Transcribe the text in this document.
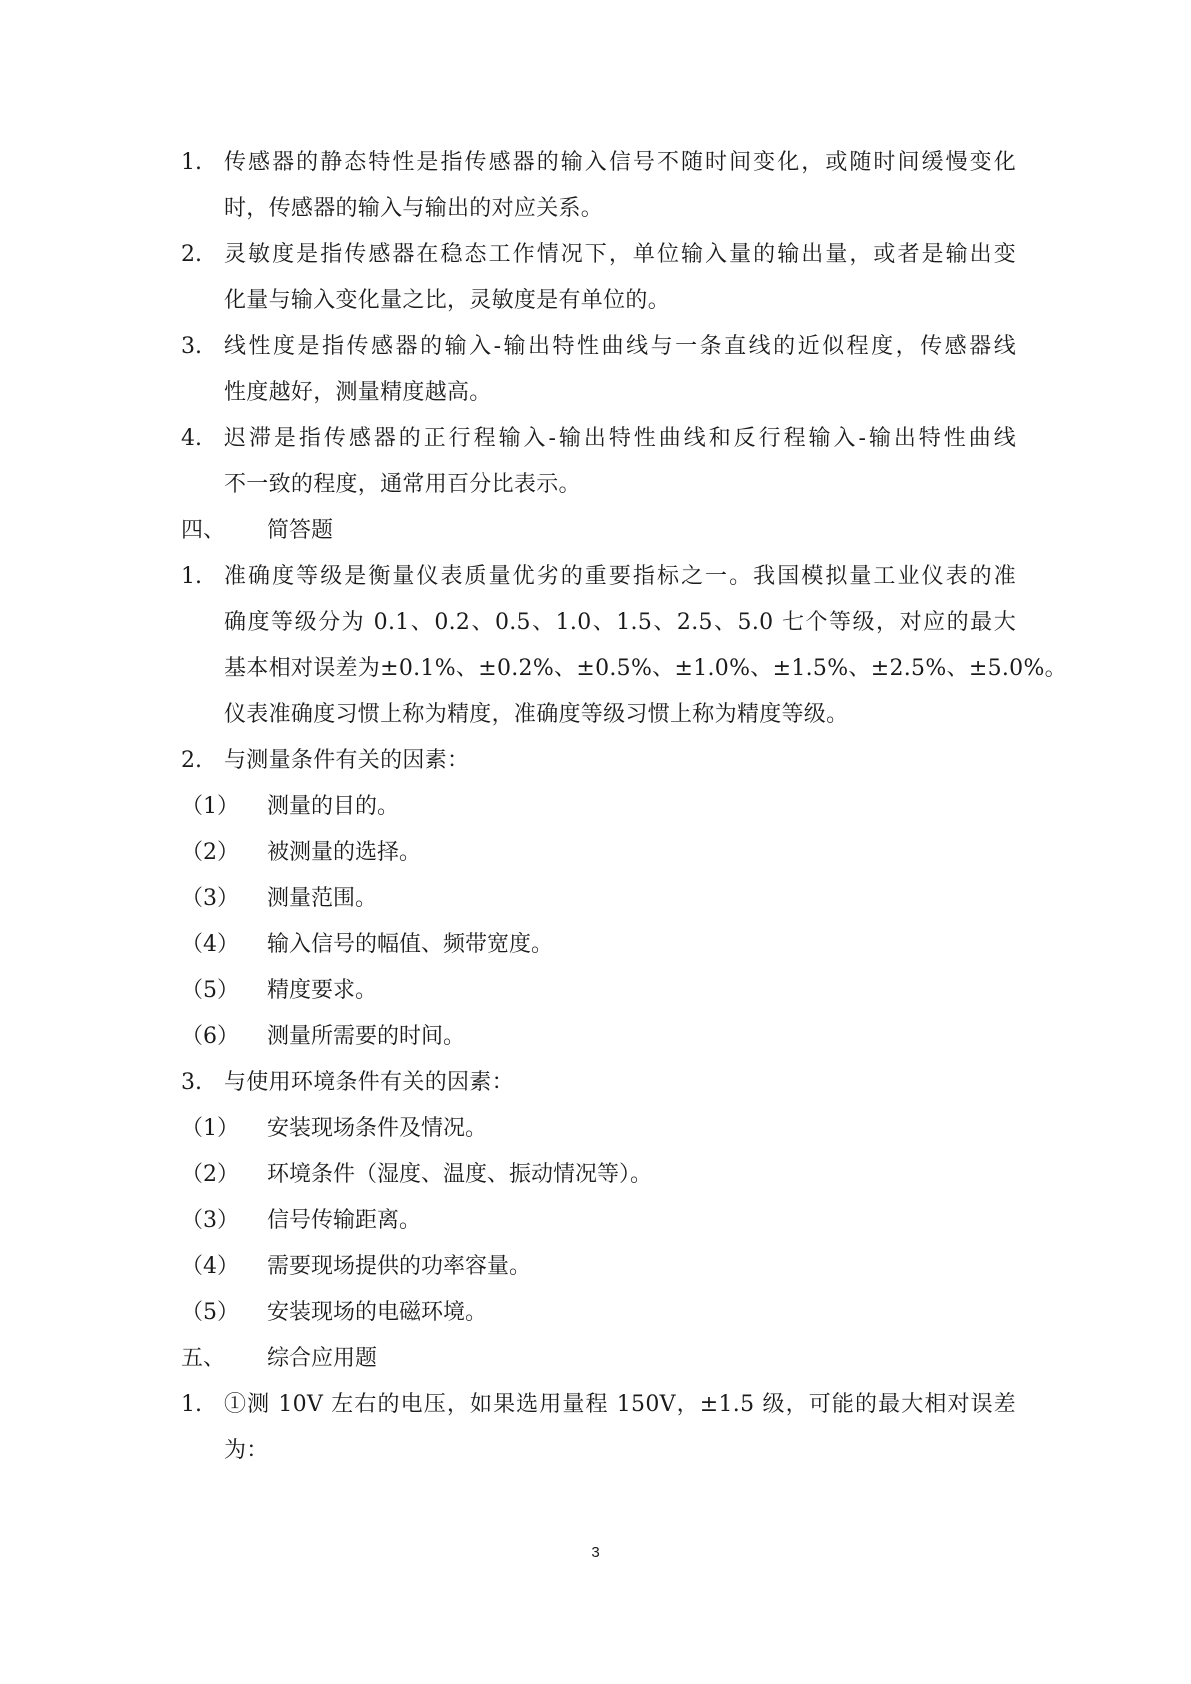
1. 传感器的静态特性是指传感器的输入信号不随时间变化，或随时间缓慢变化
时，传感器的输入与输出的对应关系。
2. 灵敏度是指传感器在稳态工作情况下，单位输入量的输出量，或者是输出变
化量与输入变化量之比，灵敏度是有单位的。
3. 线性度是指传感器的输入-输出特性曲线与一条直线的近似程度，传感器线
性度越好，测量精度越高。
4. 迟滞是指传感器的正行程输入-输出特性曲线和反行程输入-输出特性曲线
不一致的程度，通常用百分比表示。
四、 简答题
1. 准确度等级是衡量仪表质量优劣的重要指标之一。我国模拟量工业仪表的准
确度等级分为 0.1、0.2、0.5、1.0、1.5、2.5、5.0 七个等级，对应的最大
基本相对误差为±0.1%、±0.2%、±0.5%、±1.0%、±1.5%、±2.5%、±5.0%。
仪表准确度习惯上称为精度，准确度等级习惯上称为精度等级。
2. 与测量条件有关的因素：
（1） 测量的目的。
（2） 被测量的选择。
（3） 测量范围。
（4） 输入信号的幅值、频带宽度。
（5） 精度要求。
（6） 测量所需要的时间。
3. 与使用环境条件有关的因素：
（1） 安装现场条件及情况。
（2） 环境条件（湿度、温度、振动情况等）。
（3） 信号传输距离。
（4） 需要现场提供的功率容量。
（5） 安装现场的电磁环境。
五、 综合应用题
1. ①测 10V 左右的电压，如果选用量程 150V，±1.5 级，可能的最大相对误差
为：
3
